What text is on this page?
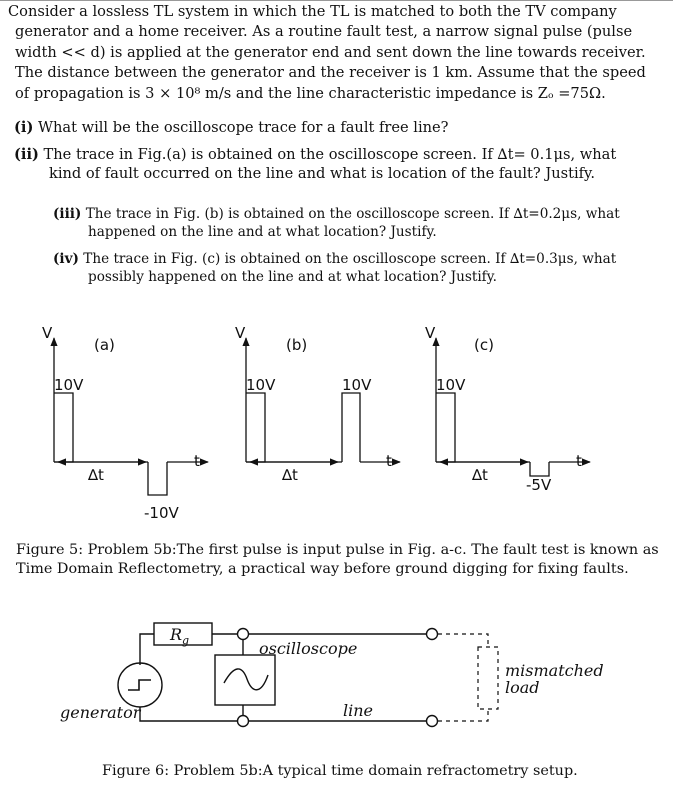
Consider a lossless TL system in which the TL is matched to both the TV company
generator and a home receiver. As a routine fault test, a narrow signal pulse (pulse
width << d) is applied at the generator end and sent down the line towards receiver.
The distance between the generator and the receiver is 1 km. Assume that the speed
of propagation is 3 × 10⁸ m/s and the line characteristic impedance is Zₒ =75Ω.
(i) What will be the oscilloscope trace for a fault free line?
(ii) The trace in Fig.(a) is obtained on the oscilloscope screen. If ∆t= 0.1μs, what
kind of fault occurred on the line and what is location of the fault? Justify.
(iii) The trace in Fig. (b) is obtained on the oscilloscope screen. If ∆t=0.2μs, what
happened on the line and at what location? Justify.
(iv) The trace in Fig. (c) is obtained on the oscilloscope screen. If ∆t=0.3μs, what
possibly happened on the line and at what location? Justify.
V
(a)
10V
∆t
t
-10V
V
(b)
10V
∆t
t
10V
V
(c)
10V
∆t
t
-5V
Figure 5: Problem 5b:The first pulse is input pulse in Fig. a-c. The fault test is known as
Time Domain Reflectometry, a practical way before ground digging for fixing faults.
$R_g$	oscilloscope
generator	line
mismatched
load
Figure 6: Problem 5b:A typical time domain refractometry setup.
